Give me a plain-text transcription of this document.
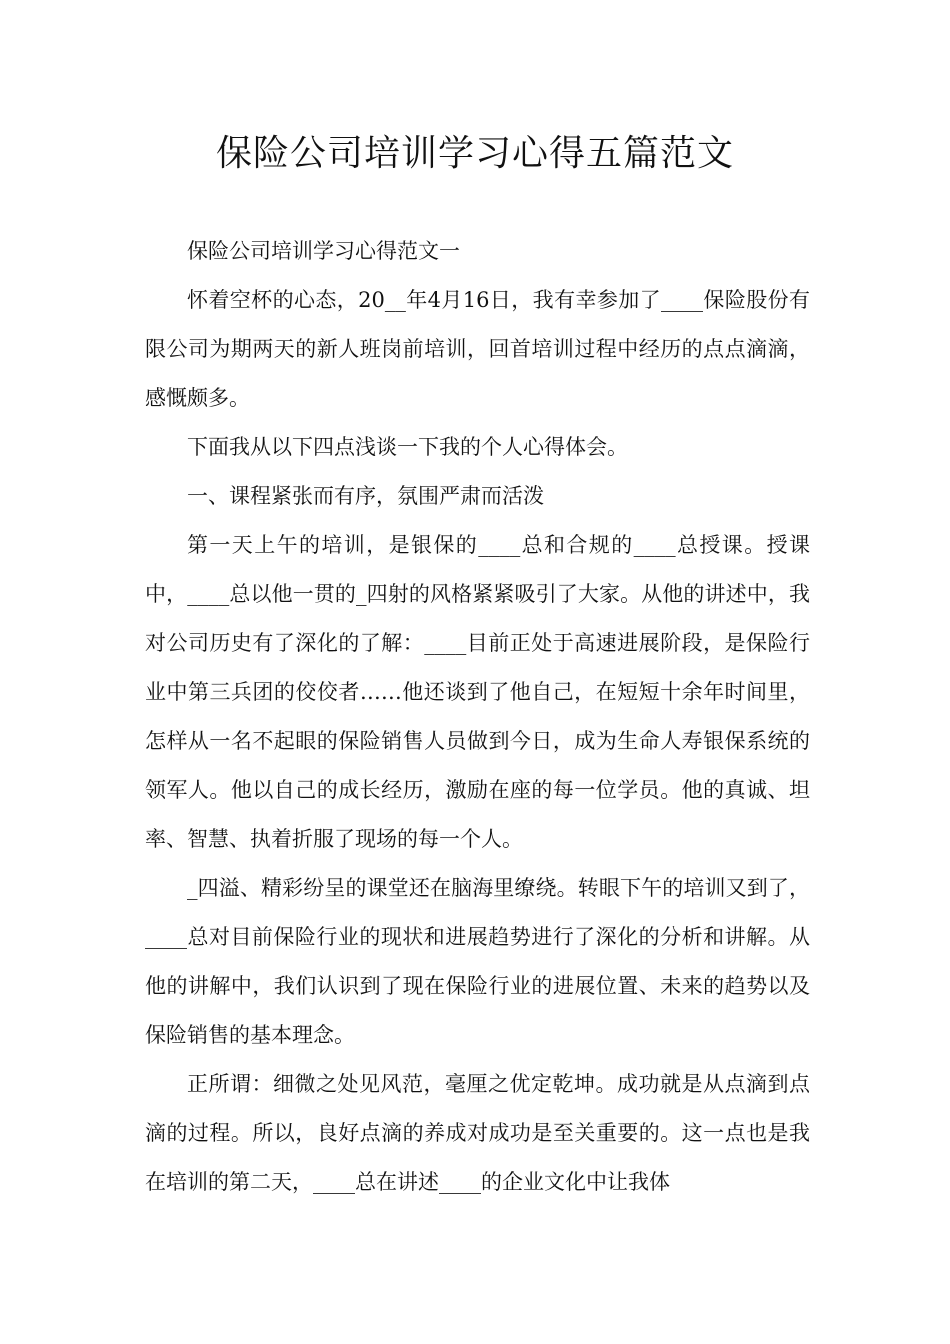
保险公司培训学习心得五篇范文

保险公司培训学习心得范文一

怀着空杯的心态，20__年4月16日，我有幸参加了____保险股份有限公司为期两天的新人班岗前培训，回首培训过程中经历的点点滴滴，感慨颇多。

下面我从以下四点浅谈一下我的个人心得体会。

一、课程紧张而有序，氛围严肃而活泼

第一天上午的培训，是银保的____总和合规的____总授课。授课中，____总以他一贯的_四射的风格紧紧吸引了大家。从他的讲述中，我对公司历史有了深化的了解：____目前正处于高速进展阶段，是保险行业中第三兵团的佼佼者……他还谈到了他自己，在短短十余年时间里，怎样从一名不起眼的保险销售人员做到今日，成为生命人寿银保系统的领军人。他以自己的成长经历，激励在座的每一位学员。他的真诚、坦率、智慧、执着折服了现场的每一个人。

_四溢、精彩纷呈的课堂还在脑海里缭绕。转眼下午的培训又到了，____总对目前保险行业的现状和进展趋势进行了深化的分析和讲解。从他的讲解中，我们认识到了现在保险行业的进展位置、未来的趋势以及保险销售的基本理念。

正所谓：细微之处见风范，毫厘之优定乾坤。成功就是从点滴到点滴的过程。所以，良好点滴的养成对成功是至关重要的。这一点也是我在培训的第二天，____总在讲述____的企业文化中让我体
